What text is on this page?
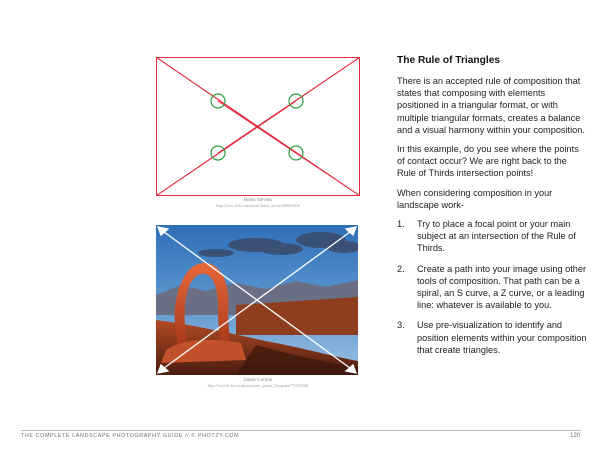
Helen Stevens
https://www.flickr.com/photos/helen_stevens/4948043326
James Gordon
https://www.flickr.com/photos/jamie_gordon_5/snapshot/7712433944
The Rule of Triangles

There is an accepted rule of composition that states that composing with elements positioned in a triangular format, or with multiple triangular formats, creates a balance and a visual harmony within your composition.

In this example, do you see where the points of contact occur? We are right back to the Rule of Thirds intersection points!

When considering composition in your landscape work-

1. Try to place a focal point or your main subject at an intersection of the Rule of Thirds.
2. Create a path into your image using other tools of composition. That path can be a spiral, an S curve, a Z curve, or a leading line: whatever is available to you.
3. Use pre-visualization to identify and position elements within your composition that create triangles.
THE COMPLETE LANDSCAPE PHOTOGRAPHY GUIDE // © PHOTZY.COM	120
